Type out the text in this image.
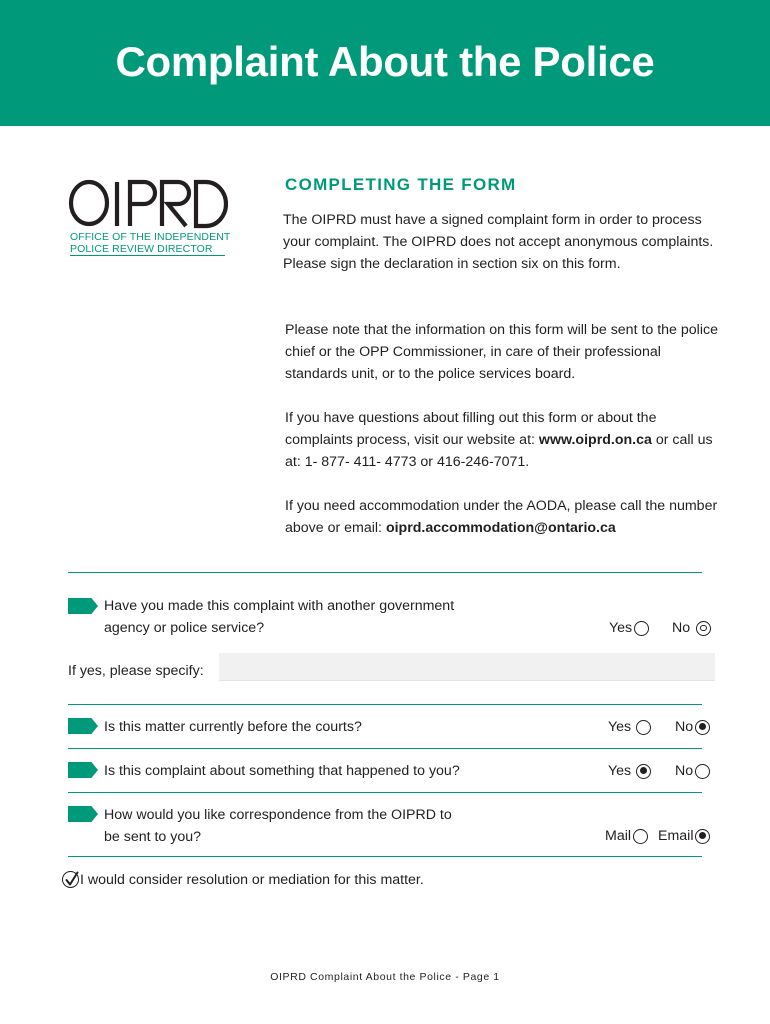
Complaint About the Police
OFFICE OF THE INDEPENDENT
POLICE REVIEW DIRECTOR
COMPLETING THE FORM
The OIPRD must have a signed complaint form in order to process your complaint. The OIPRD does not accept anonymous complaints. Please sign the declaration in section six on this form.
Please note that the information on this form will be sent to the police chief or the OPP Commissioner, in care of their professional standards unit, or to the police services board.
If you have questions about filling out this form or about the complaints process, visit our website at: www.oiprd.on.ca or call us at: 1- 877- 411- 4773 or 416-246-7071.
If you need accommodation under the AODA, please call the number above or email: oiprd.accommodation@ontario.ca
Have you made this complaint with another government
agency or police service?	Yes	No
If yes, please specify:
Is this matter currently before the courts?	Yes	No
Is this complaint about something that happened to you?	Yes	No
How would you like correspondence from the OIPRD to
be sent to you?	Mail Email
I would consider resolution or mediation for this matter.
OIPRD Complaint About the Police - Page 1
